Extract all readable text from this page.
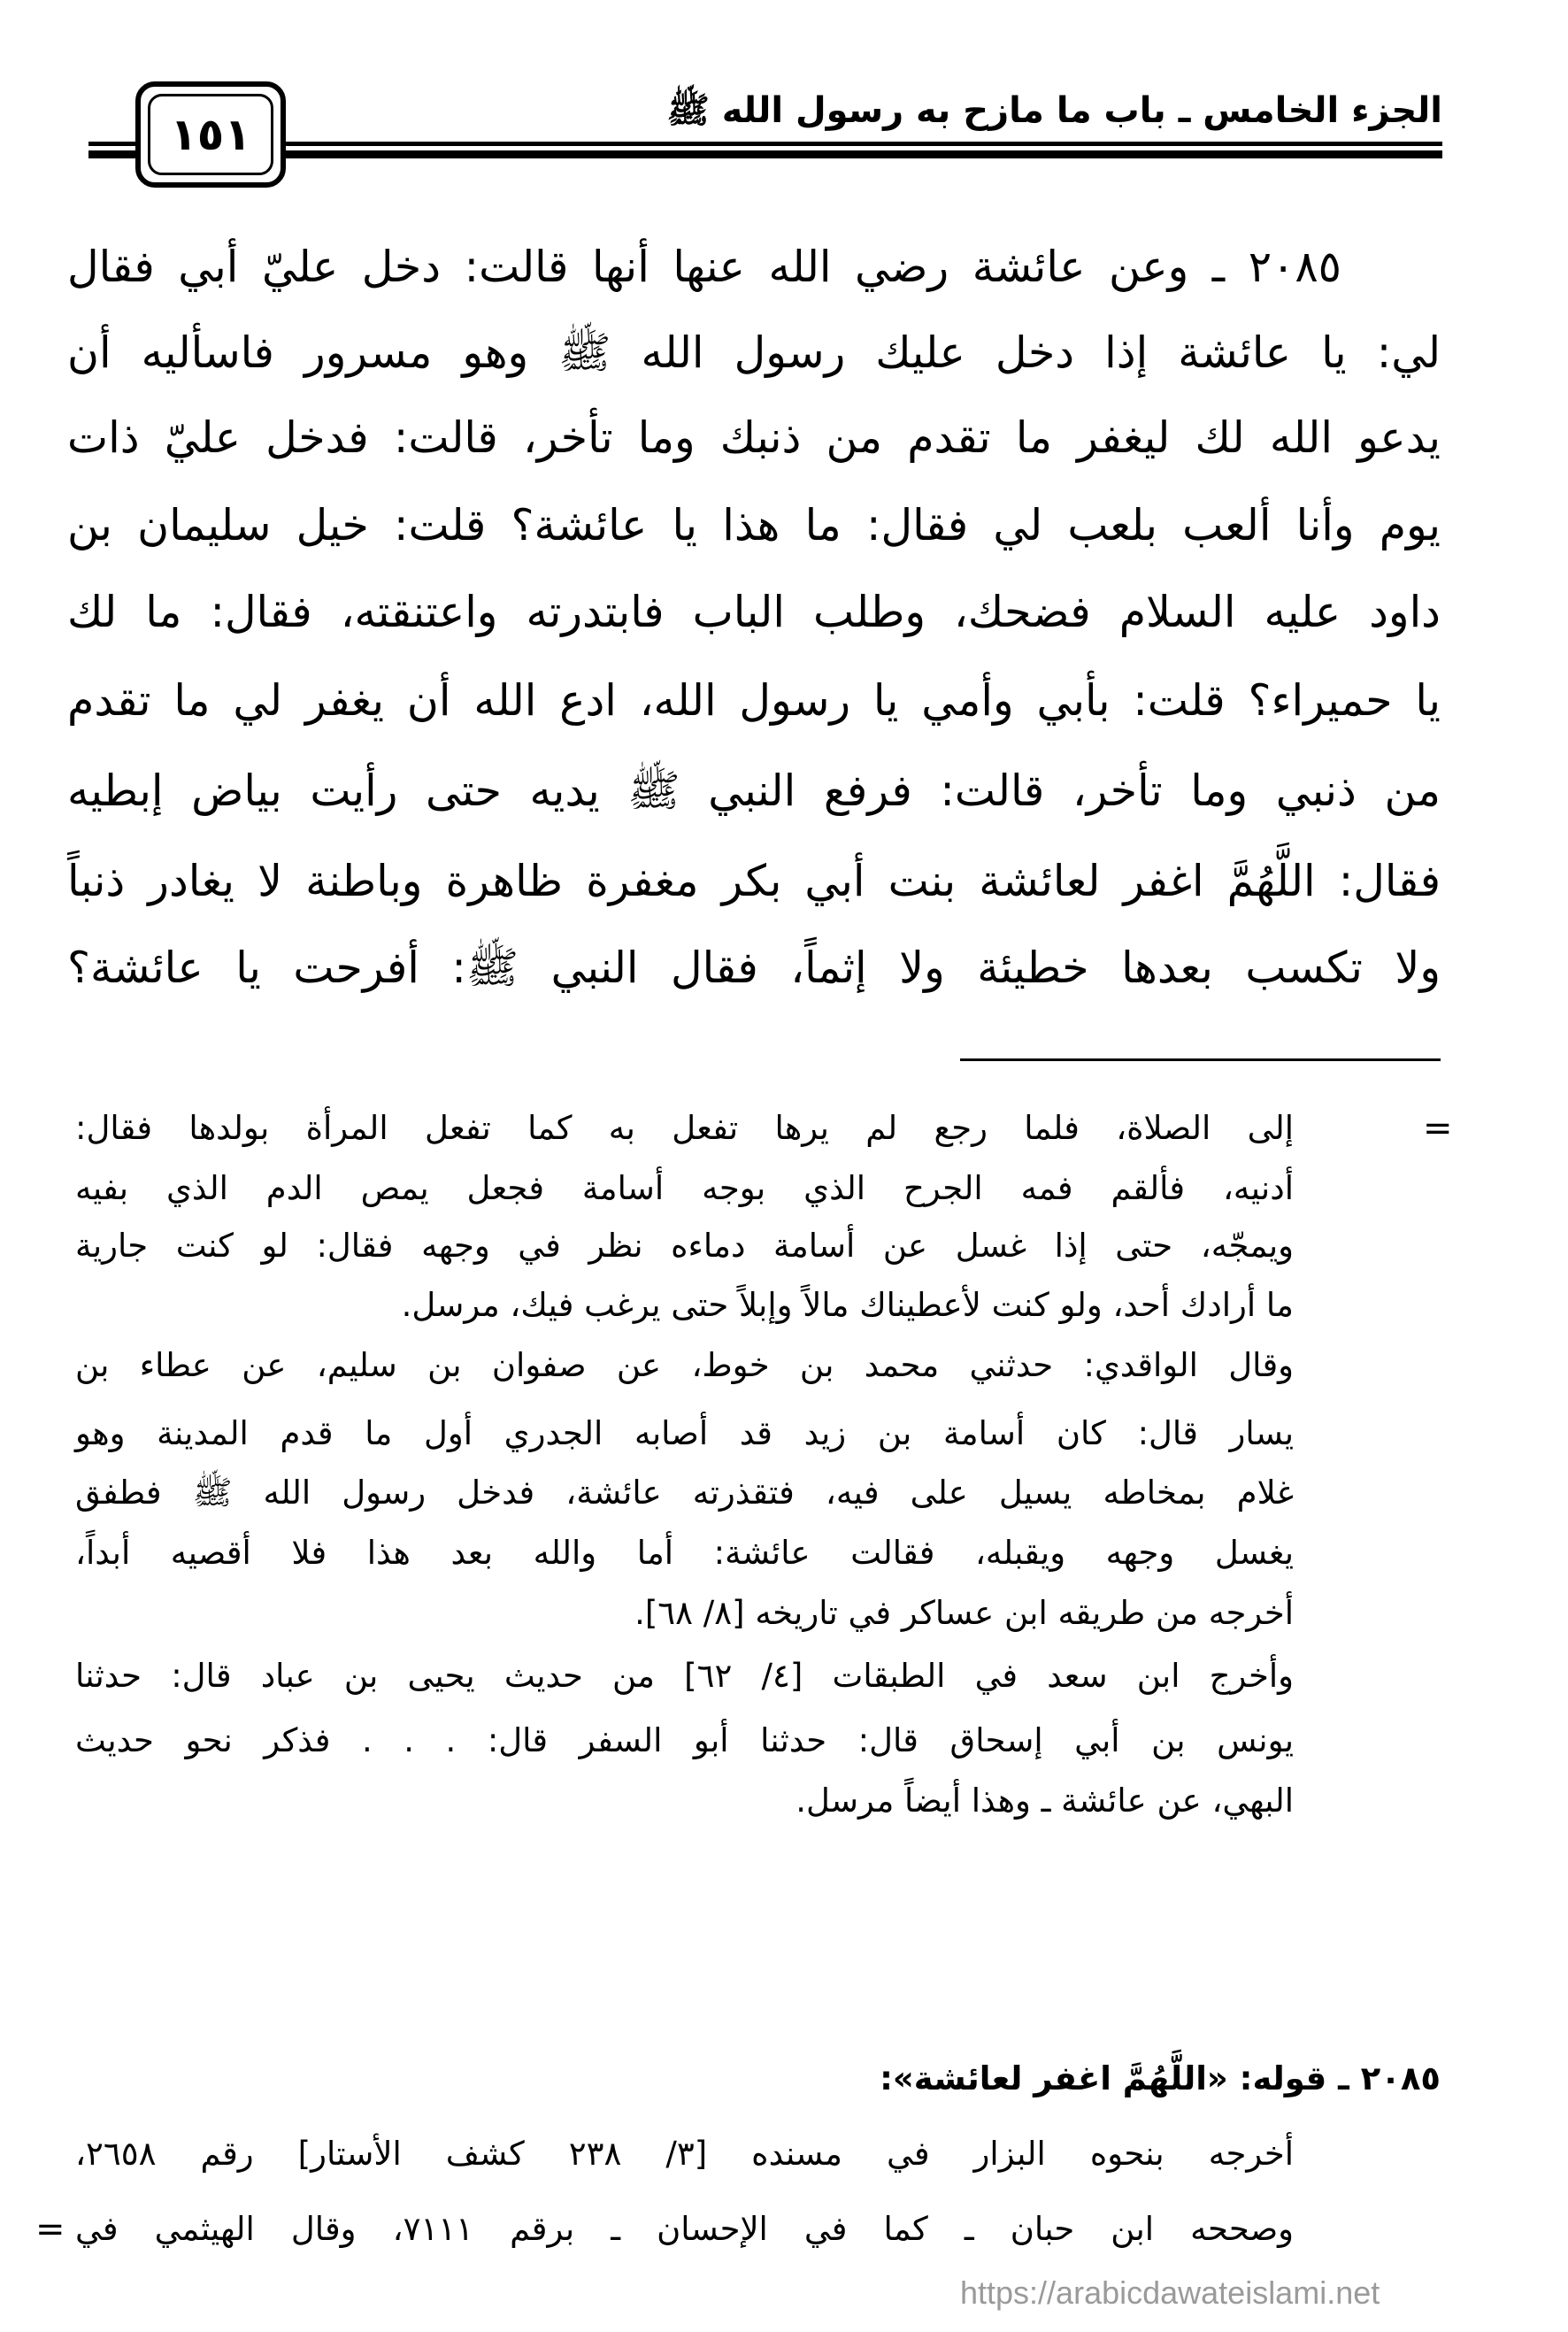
الجزء الخامس ـ باب ما مازح به رسول الله ﷺ
١٥١
٢٠٨٥ ـ وعن عائشة رضي الله عنها أنها قالت: دخل عليّ أبي فقال
لي: يا عائشة إذا دخل عليك رسول الله ﷺ وهو مسرور فاسأليه أن
يدعو الله لك ليغفر ما تقدم من ذنبك وما تأخر، قالت: فدخل عليّ ذات
يوم وأنا ألعب بلعب لي فقال: ما هذا يا عائشة؟ قلت: خيل سليمان بن
داود عليه السلام فضحك، وطلب الباب فابتدرته واعتنقته، فقال: ما لك
يا حميراء؟ قلت: بأبي وأمي يا رسول الله، ادع الله أن يغفر لي ما تقدم
من ذنبي وما تأخر، قالت: فرفع النبي ﷺ يديه حتى رأيت بياض إبطيه
فقال: اللَّهُمَّ اغفر لعائشة بنت أبي بكر مغفرة ظاهرة وباطنة لا يغادر ذنباً
ولا تكسب بعدها خطيئة ولا إثماً، فقال النبي ﷺ: أفرحت يا عائشة؟
=
إلى الصلاة، فلما رجع لم يرها تفعل به كما تفعل المرأة بولدها فقال:
أدنيه، فألقم فمه الجرح الذي بوجه أسامة فجعل يمص الدم الذي بفيه
ويمجّه، حتى إذا غسل عن أسامة دماءه نظر في وجهه فقال: لو كنت جارية
ما أرادك أحد، ولو كنت لأعطيناك مالاً وإبلاً حتى يرغب فيك، مرسل.
وقال الواقدي: حدثني محمد بن خوط، عن صفوان بن سليم، عن عطاء بن
يسار قال: كان أسامة بن زيد قد أصابه الجدري أول ما قدم المدينة وهو
غلام بمخاطه يسيل على فيه، فتقذرته عائشة، فدخل رسول الله ﷺ فطفق
يغسل وجهه ويقبله، فقالت عائشة: أما والله بعد هذا فلا أقصيه أبداً،
أخرجه من طريقه ابن عساكر في تاريخه [٨/ ٦٨].
وأخرج ابن سعد في الطبقات [٤/ ٦٢] من حديث يحيى بن عباد قال: حدثنا
يونس بن أبي إسحاق قال: حدثنا أبو السفر قال: . . . فذكر نحو حديث
البهي، عن عائشة ـ وهذا أيضاً مرسل.
٢٠٨٥ ـ قوله: «اللَّهُمَّ اغفر لعائشة»:
أخرجه بنحوه البزار في مسنده [٣/ ٢٣٨ كشف الأستار] رقم ٢٦٥٨،
وصححه ابن حبان ـ كما في الإحسان ـ برقم ٧١١١، وقال الهيثمي في
=
https://arabicdawateislami.net
